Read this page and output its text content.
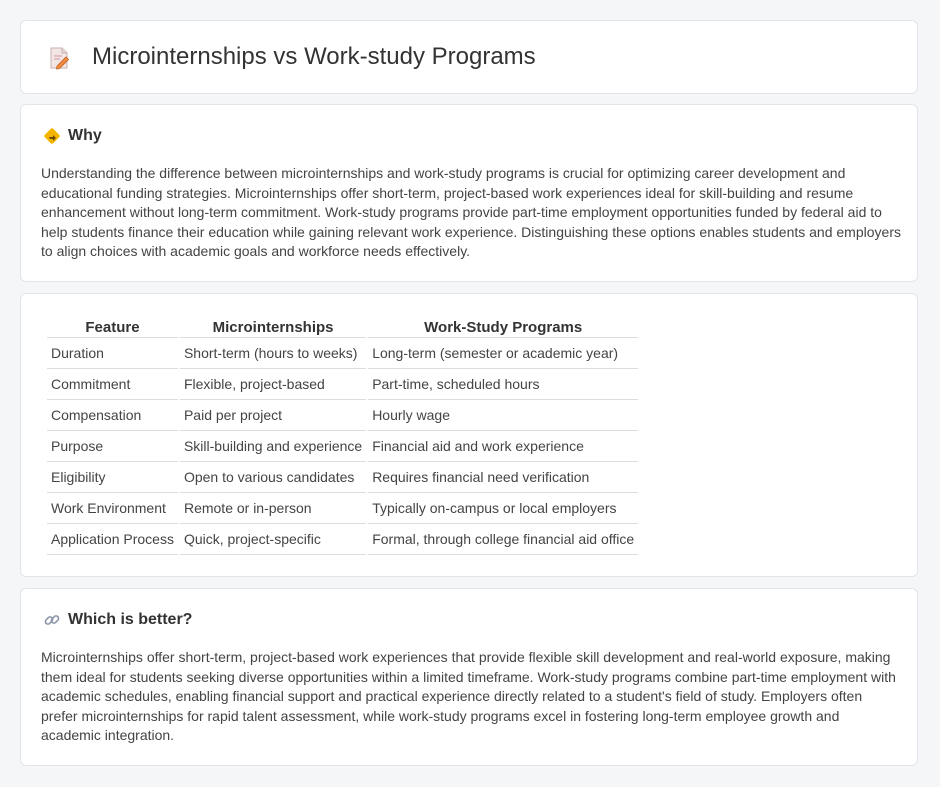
Microinternships vs Work-study Programs
Why

Understanding the difference between microinternships and work-study programs is crucial for optimizing career development and educational funding strategies. Microinternships offer short-term, project-based work experiences ideal for skill-building and resume enhancement without long-term commitment. Work-study programs provide part-time employment opportunities funded by federal aid to help students finance their education while gaining relevant work experience. Distinguishing these options enables students and employers to align choices with academic goals and workforce needs effectively.

Feature	Microinternships	Work-Study Programs
Duration	Short-term (hours to weeks)	Long-term (semester or academic year)
Commitment	Flexible, project-based	Part-time, scheduled hours
Compensation	Paid per project	Hourly wage
Purpose	Skill-building and experience	Financial aid and work experience
Eligibility	Open to various candidates	Requires financial need verification
Work Environment	Remote or in-person	Typically on-campus or local employers
Application Process	Quick, project-specific	Formal, through college financial aid office
Which is better?

Microinternships offer short-term, project-based work experiences that provide flexible skill development and real-world exposure, making them ideal for students seeking diverse opportunities within a limited timeframe. Work-study programs combine part-time employment with academic schedules, enabling financial support and practical experience directly related to a student's field of study. Employers often prefer microinternships for rapid talent assessment, while work-study programs excel in fostering long-term employee growth and academic integration.
